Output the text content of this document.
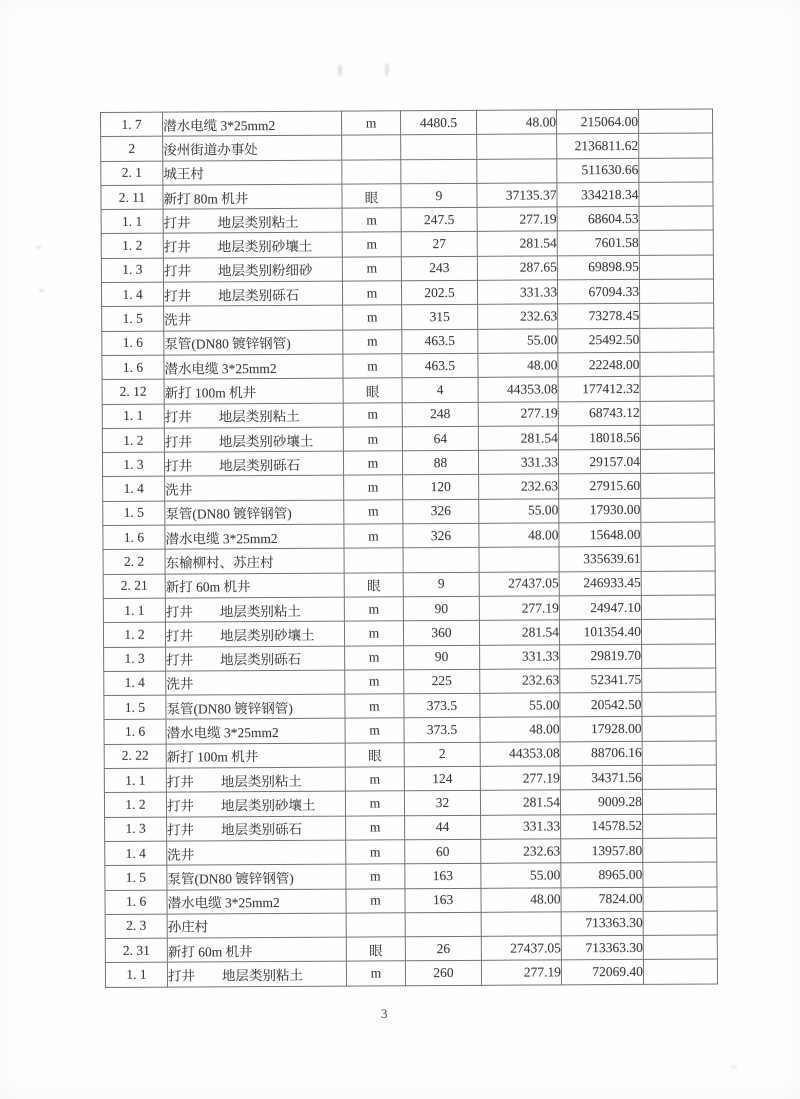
1. 7	潜水电缆 3*25mm2	m	4480.5	48.00	215064.00	
2	浚州街道办事处				2136811.62	
2. 1	城王村				511630.66	
2. 11	新打 80m 机井	眼	9	37135.37	334218.34	
1. 1	打井　　地层类别粘土	m	247.5	277.19	68604.53	
1. 2	打井　　地层类别砂壤土	m	27	281.54	7601.58	
1. 3	打井　　地层类别粉细砂	m	243	287.65	69898.95	
1. 4	打井　　地层类别砾石	m	202.5	331.33	67094.33	
1. 5	洗井	m	315	232.63	73278.45	
1. 6	泵管(DN80 镀锌钢管)	m	463.5	55.00	25492.50	
1. 6	潜水电缆 3*25mm2	m	463.5	48.00	22248.00	
2. 12	新打 100m 机井	眼	4	44353.08	177412.32	
1. 1	打井　　地层类别粘土	m	248	277.19	68743.12	
1. 2	打井　　地层类别砂壤土	m	64	281.54	18018.56	
1. 3	打井　　地层类别砾石	m	88	331.33	29157.04	
1. 4	洗井	m	120	232.63	27915.60	
1. 5	泵管(DN80 镀锌钢管)	m	326	55.00	17930.00	
1. 6	潜水电缆 3*25mm2	m	326	48.00	15648.00	
2. 2	东榆柳村、苏庄村				335639.61	
2. 21	新打 60m 机井	眼	9	27437.05	246933.45	
1. 1	打井　　地层类别粘土	m	90	277.19	24947.10	
1. 2	打井　　地层类别砂壤土	m	360	281.54	101354.40	
1. 3	打井　　地层类别砾石	m	90	331.33	29819.70	
1. 4	洗井	m	225	232.63	52341.75	
1. 5	泵管(DN80 镀锌钢管)	m	373.5	55.00	20542.50	
1. 6	潜水电缆 3*25mm2	m	373.5	48.00	17928.00	
2. 22	新打 100m 机井	眼	2	44353.08	88706.16	
1. 1	打井　　地层类别粘土	m	124	277.19	34371.56	
1. 2	打井　　地层类别砂壤土	m	32	281.54	9009.28	
1. 3	打井　　地层类别砾石	m	44	331.33	14578.52	
1. 4	洗井	m	60	232.63	13957.80	
1. 5	泵管(DN80 镀锌钢管)	m	163	55.00	8965.00	
1. 6	潜水电缆 3*25mm2	m	163	48.00	7824.00	
2. 3	孙庄村				713363.30	
2. 31	新打 60m 机井	眼	26	27437.05	713363.30	
1. 1	打井　　地层类别粘土	m	260	277.19	72069.40	
3
